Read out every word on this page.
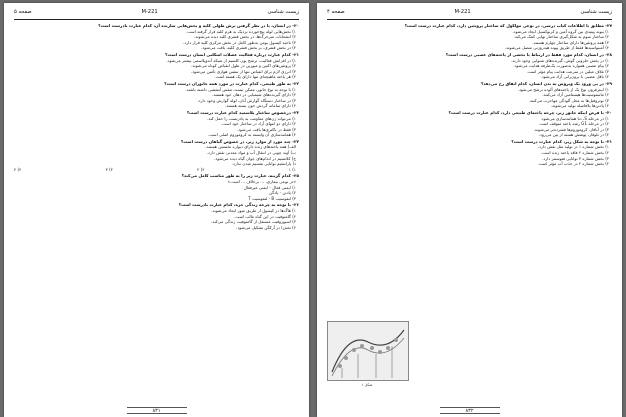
زیست شناسی
221-M
صفحه ۵
۲۰- در انسان، با در نظر گرفتن برش طولی کلیه و بخش‌هایی سازنده آن، کدام عبارت نادرست است؟
۱) بخش‌هایی لوله پیچ‌خورده نزدیک به هرم کلیه قرار گرفته است.
۲) انشعابات سرخرگ‌ها، در بخش قشری کلیه دیده می‌شوند.
۳) ناحیه کپسول بومن به‌طور کامل در بخش مرکزی کلیه قرار دارد.
۴) در بخش قشری، بر بخش قشری کلیه، یافت می‌شود.
۲۱- کدام عبارت درباره فعالیت عضلات اسکلتی انسان درست است؟
۱) در افزایش فعالیت، ترشح یون کلسیم از شبکه آندوپلاسمی بیشتر می‌شود.
۲) پروتئین‌های اکتین و میوزین در طول انقباض کوتاه می‌شوند.
۳) انرژی لازم برای انقباض تنها از تنفس هوازی تأمین می‌شود.
۴) هر یاخته ماهیچه‌ای تنها دارای یک هسته است.
۲۲- به طور طبیعی، کدام عبارت در مورد همه جانوران درست است؟
۱) با توجه به نوع جانور، ممکن نیست تنفس آبششی داشته باشند.
۲) دارای گیرنده‌های شیمیایی در دهان خود هستند.
۳) در ساختار دستگاه گوارش آنان، لوله گوارش وجود دارد.
۴) دارای سامانه گردش خون بسته هستند.
۲۳- درخصوص ساختار پلاسمید کدام عبارت درست است؟
۱) می‌تواند ژن‌های مقاومت به پادزیست را حمل کند.
۲) دارای دو انتهای آزاد در ساختار خود است.
۳) فقط در باکتری‌ها یافت می‌شود.
۴) همانندسازی آن وابسته به کروموزوم اصلی است.
۲۴- چند مورد از موارد زیر، در خصوص گیاهان درست است؟
الف) همه یاخته‌های زنده دارای دیواره نخستین هستند.
ب) آوند چوبی در انتقال آب و مواد معدنی نقش دارد.
ج) کلانشیم در اندام‌های جوان گیاه دیده می‌شود.
د) پارانشیم توانایی تقسیم شدن ندارد.
۱) ۱
۲) ۲
۳) ۳
۴) ۴
۲۵- کدام گزینه، عبارت زیر را به طور مناسب کامل می‌کند؟
«در نوعی بیماری، ... برخلاف ... است.»
۱) ایمنی فعال - ایمنی غیرفعال
۲) پادتن - پادگن
۳) لنفوسیت B - لنفوسیت T
۲۶- با توجه به چرخه زندگی خزه، کدام عبارت نادرست است؟
۱) هاگ‌ها در کپسول از طریق میوز ایجاد می‌شوند.
۲) گامتوفیت در این گیاه غالب است.
۳) اسپوروفیت مستقل از گامتوفیت زندگی می‌کند.
۴) تخم‌زا در آرکگن تشکیل می‌شود.
۸۳۱
زیست شناسی
221-M
صفحه ۴
۲۷- مطابق با اطلاعات کتاب درسی، در نوعی مولکول که ساختار پروتئین دارد، کدام عبارت درست است؟
۱) پیوند پپتیدی بین گروه آمین و کربوکسیل ایجاد می‌شود.
۲) ساختار سوم به شکل‌گیری ساختار نهایی کمک می‌کند.
۳) همه پروتئین‌ها دارای ساختار چهارم هستند.
۴) آمینواسیدها فقط از طریق پیوند هیدروژنی متصل می‌شوند.
۲۸- در انسان، کدام مورد فقط در ارتباط با بخشی از یاخته‌های عصبی درست است؟
۱) در بخش حلزونی گوش، گیرنده‌های شنوایی وجود دارند.
۲) پیام عصبی همواره به‌صورت یک‌طرفه هدایت می‌شود.
۳) غلاف میلین در سرعت هدایت پیام مؤثر است.
۴) ناقل عصبی با برون‌رانی آزاد می‌شود.
۲۹- در پی ورود یک ویروس به بدن انسان، کدام اتفاق رخ می‌دهد؟
۱) اینترفرون نوع یک از یاخته‌های آلوده ترشح می‌شود.
۲) ماستوسیت‌ها هیستامین آزاد می‌کنند.
۳) نوتروفیل‌ها به محل آلودگی مهاجرت می‌کنند.
۴) پادتن‌ها بلافاصله تولید می‌شوند.
۳۰- با فرض اینکه جانور زیر، چرخه یاخته‌ای طبیعی دارد، کدام عبارت درست است؟
۱) در مرحله S، دنا همانندسازی می‌شود.
۲) در مرحله G1 رشد یاخته متوقف است.
۳) در آنافاز، کروموزوم‌ها فشرده‌تر می‌شوند.
۴) در تلوفاز، پوشش هسته از بین می‌رود.
۳۱- با توجه به شکل زیر، کدام عبارت درست است؟
۱) بخش شماره ۱ در تولید مثل نقش دارد.
۲) بخش شماره ۲ فاقد یاخته زنده است.
۳) بخش شماره ۳ توانایی فتوسنتز دارد.
۴) بخش شماره ۴ در جذب آب مؤثر است.
شکل ۱
۸۳۲
